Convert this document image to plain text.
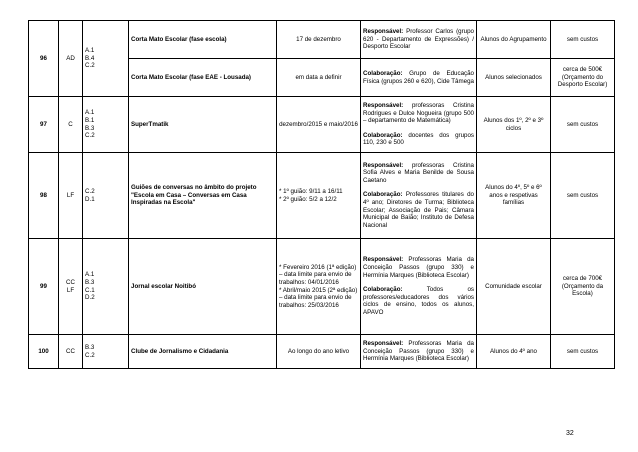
96	AD	A.1
B.4
C.2	Corta Mato Escolar (fase escola)	17 de dezembro	Responsável: Professor Carlos (grupo 620 - Departamento de Expressões) / Desporto Escolar	Alunos do Agrupamento	sem custos
			Corta Mato Escolar (fase EAE - Lousada)	em data a definir	Colaboração: Grupo de Educação Física (grupos 260 e 620), Cide Tâmega	Alunos selecionados	cerca de 500€ (Orçamento do Desporto Escolar)
97	C	A.1
B.1
B.3
C.2	SuperTmatik	dezembro/2015 e maio/2016	Responsável: professoras Cristina Rodrigues e Dulce Nogueira (grupo 500 – departamento de Matemática)
Colaboração: docentes dos grupos 110, 230 e 500	Alunos dos 1º, 2º e 3º ciclos	sem custos
98	LF	C.2
D.1	Guiões de conversas no âmbito do projeto "Escola em Casa – Conversas em Casa Inspiradas na Escola"	* 1º guião: 9/11 a 16/11
* 2º guião: 5/2 a 12/2	Responsável: professoras Cristina Sofia Alves e Maria Benilde de Sousa Caetano
Colaboração: Professores titulares do 4º ano; Diretores de Turma; Biblioteca Escolar; Associação de Pais; Câmara Municipal de Baião; Instituto de Defesa Nacional	Alunos do 4º, 5º e 6º anos e respetivas famílias	sem custos
99	CC
LF	A.1
B.3
C.1
D.2	Jornal escolar Noitibó	* Fevereiro 2016 (1ª edição) – data limite para envio de trabalhos: 04/01/2016
* Abril/maio 2015 (2ª edição) – data limite para envio de trabalhos: 25/03/2016	Responsável: Professoras Maria da Conceição Passos (grupo 330) e Hermínia Marques (Biblioteca Escolar)
Colaboração: Todos os professores/educadores dos vários ciclos de ensino, todos os alunos, APAVO	Comunidade escolar	cerca de 700€ (Orçamento da Escola)
100	CC	B.3
C.2	Clube de Jornalismo e Cidadania	Ao longo do ano letivo	Responsável: Professoras Maria da Conceição Passos (grupo 330) e Hermínia Marques (Biblioteca Escolar)	Alunos do 4º ano	sem custos
32
